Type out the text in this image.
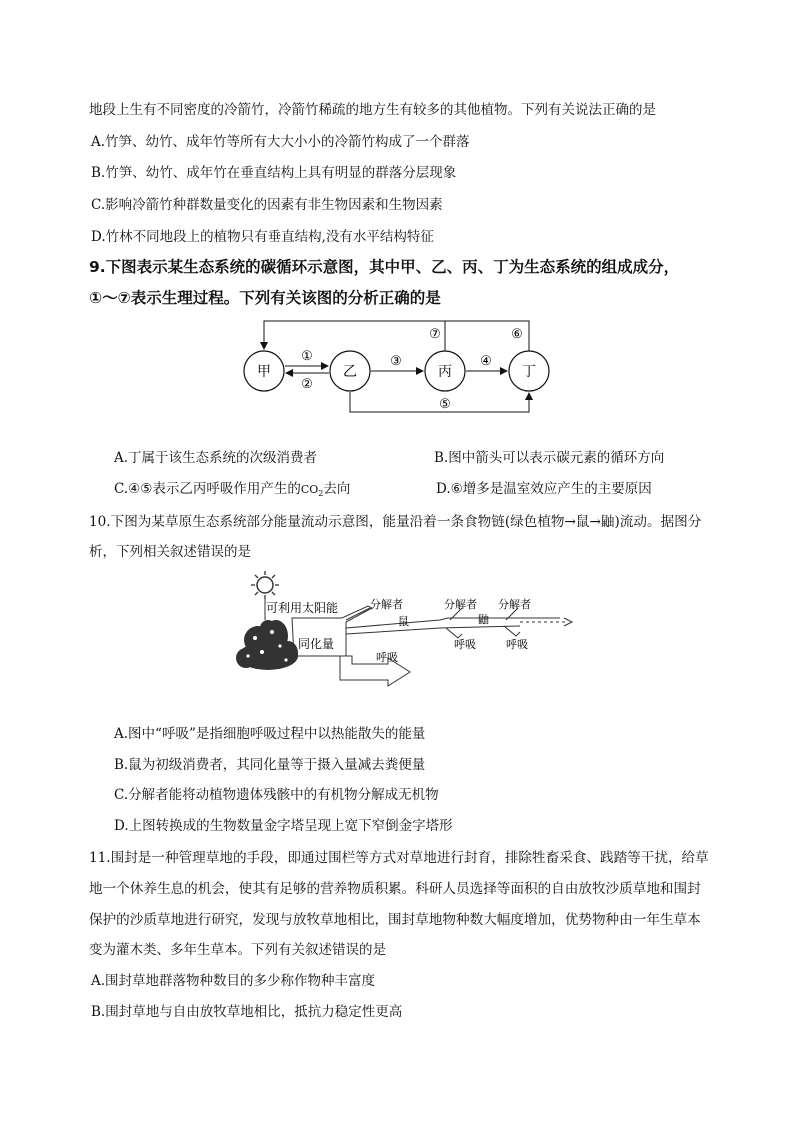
地段上生有不同密度的冷箭竹，冷箭竹稀疏的地方生有较多的其他植物。下列有关说法正确的是
A.竹笋、幼竹、成年竹等所有大大小小的冷箭竹构成了一个群落
B.竹笋、幼竹、成年竹在垂直结构上具有明显的群落分层现象
C.影响冷箭竹种群数量变化的因素有非生物因素和生物因素
D.竹林不同地段上的植物只有垂直结构,没有水平结构特征
9.下图表示某生态系统的碳循环示意图，其中甲、乙、丙、丁为生态系统的组成成分，
①～⑦表示生理过程。下列有关该图的分析正确的是
甲	乙	丙	丁
①
②
③	④
⑤
⑦	⑥
A.丁属于该生态系统的次级消费者	B.图中箭头可以表示碳元素的循环方向
C.④⑤表示乙丙呼吸作用产生的$CO_2$去向	D.⑥增多是温室效应产生的主要原因
10.下图为某草原生态系统部分能量流动示意图，能量沿着一条食物链(绿色植物→鼠→鼬)流动。据图分
析，下列相关叙述错误的是
可利用太阳能
同化量
呼吸
分解者	分解者 分解者
呼吸	呼吸
鼠	鼬
A.图中“呼吸”是指细胞呼吸过程中以热能散失的能量
B.鼠为初级消费者，其同化量等于摄入量减去粪便量
C.分解者能将动植物遗体残骸中的有机物分解成无机物
D.上图转换成的生物数量金字塔呈现上宽下窄倒金字塔形
11.围封是一种管理草地的手段，即通过围栏等方式对草地进行封育，排除牲畜采食、践踏等干扰，给草
地一个休养生息的机会，使其有足够的营养物质积累。科研人员选择等面积的自由放牧沙质草地和围封
保护的沙质草地进行研究，发现与放牧草地相比，围封草地物种数大幅度增加，优势物种由一年生草本
变为灌木类、多年生草本。下列有关叙述错误的是
A.围封草地群落物种数目的多少称作物种丰富度
B.围封草地与自由放牧草地相比，抵抗力稳定性更高
